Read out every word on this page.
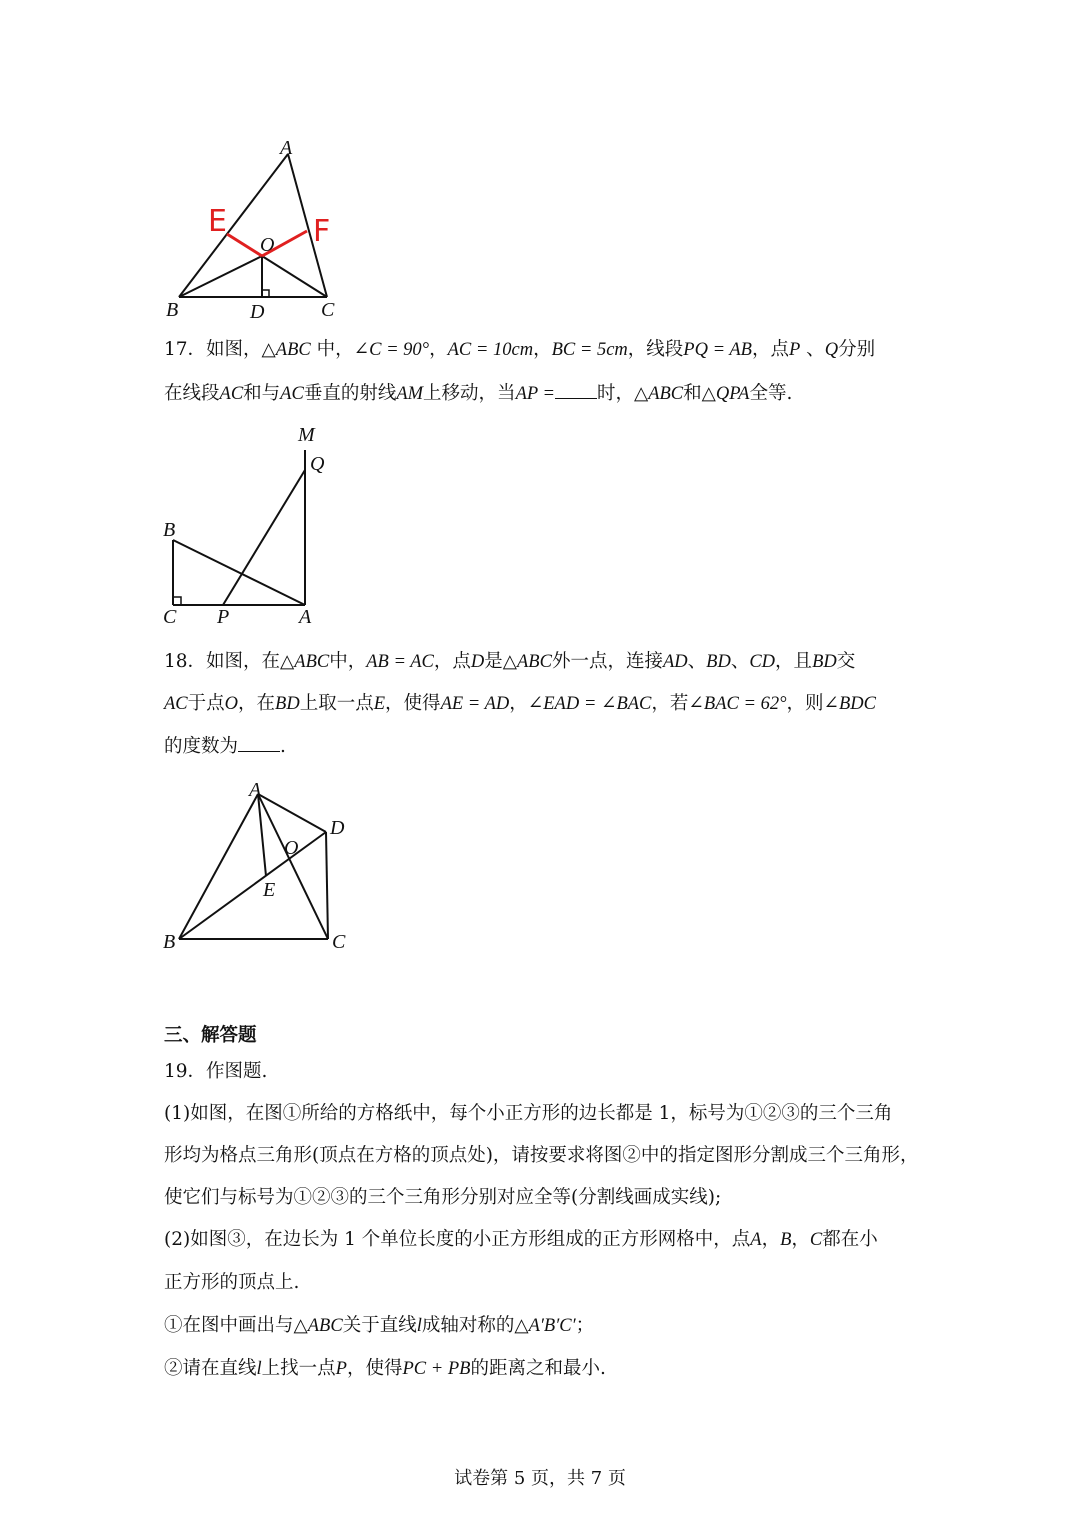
A
B	C
D
O
E	F
17．如图，△ABC 中，∠C = 90°，AC = 10cm，BC = 5cm，线段PQ = AB，点P 、Q分别
在线段AC和与AC垂直的射线AM上移动，当AP = 时，△ABC和△QPA全等.
M
Q
B
C P	A
18．如图，在△ABC中，AB = AC，点D是△ABC外一点，连接AD、BD、CD，且BD交
AC于点O，在BD上取一点E，使得AE = AD，∠EAD = ∠BAC，若∠BAC = 62°，则∠BDC
的度数为 .
A
D
O
E
B	C
三、解答题
19．作图题.
(1)如图，在图①所给的方格纸中，每个小正方形的边长都是 1，标号为①②③的三个三角
形均为格点三角形(顶点在方格的顶点处)，请按要求将图②中的指定图形分割成三个三角形，
使它们与标号为①②③的三个三角形分别对应全等(分割线画成实线);
(2)如图③，在边长为 1 个单位长度的小正方形组成的正方形网格中，点A，B，C都在小
正方形的顶点上.
①在图中画出与△ABC关于直线l成轴对称的△A′B′C′；
②请在直线l上找一点P，使得PC + PB的距离之和最小.
试卷第 5 页，共 7 页
